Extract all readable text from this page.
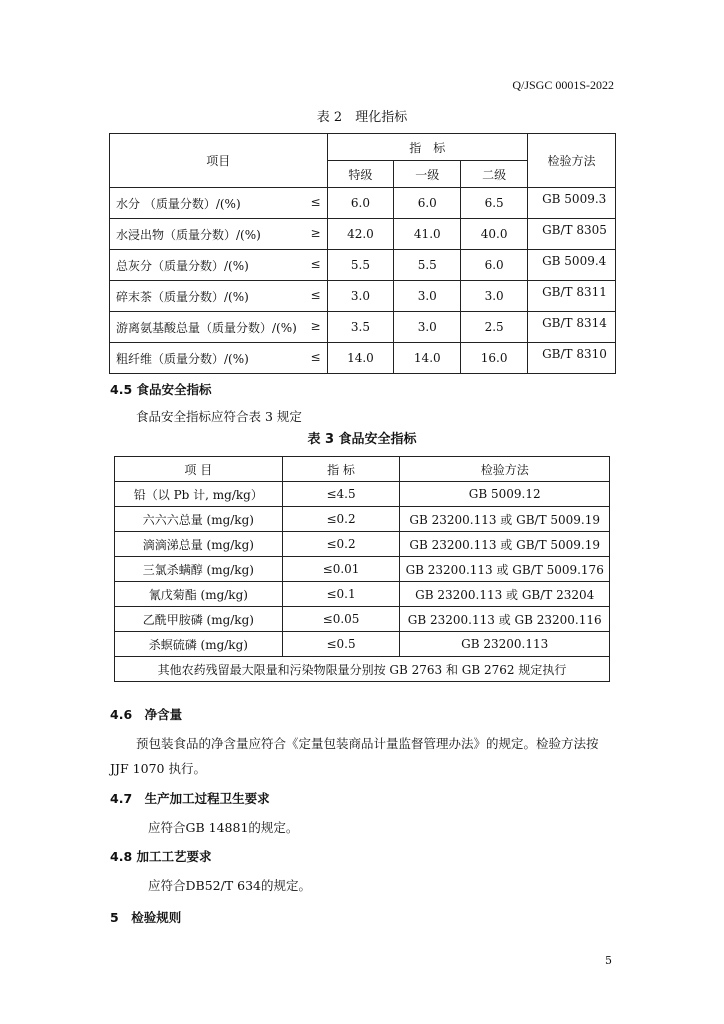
Q/JSGC 0001S-2022
表 2　理化指标
项目	指　标			检验方法
	特级	一级	二级	

水分 （质量分数）/(%) ≤	6.0	6.0	6.5	GB 5009.3

水浸出物（质量分数）/(%) ≥	42.0	41.0	40.0	GB/T 8305

总灰分（质量分数）/(%) ≤	5.5	5.5	6.0	GB 5009.4

碎末茶（质量分数）/(%) ≤	3.0	3.0	3.0	GB/T 8311

游离氨基酸总量（质量分数）/(%) ≥	3.5	3.0	2.5	GB/T 8314

粗纤维（质量分数）/(%) ≤	14.0	14.0	16.0	GB/T 8310
4.5 食品安全指标
食品安全指标应符合表 3 规定
表 3 食品安全指标
项 目	指 标	检验方法
铅（以 Pb 计, mg/kg）	≤4.5	GB 5009.12
六六六总量 (mg/kg)	≤0.2	GB 23200.113 或 GB/T 5009.19
滴滴涕总量 (mg/kg)	≤0.2	GB 23200.113 或 GB/T 5009.19
三氯杀螨醇 (mg/kg)	≤0.01	GB 23200.113 或 GB/T 5009.176
氰戊菊酯 (mg/kg)	≤0.1	GB 23200.113 或 GB/T 23204
乙酰甲胺磷 (mg/kg)	≤0.05	GB 23200.113 或 GB 23200.116
杀螟硫磷 (mg/kg)	≤0.5	GB 23200.113
其他农药残留最大限量和污染物限量分别按 GB 2763 和 GB 2762 规定执行		
4.6　净含量
预包装食品的净含量应符合《定量包装商品计量监督管理办法》的规定。检验方法按
JJF 1070 执行。
4.7　生产加工过程卫生要求
应符合GB 14881的规定。
4.8 加工工艺要求
应符合DB52/T 634的规定。
5　检验规则
5
